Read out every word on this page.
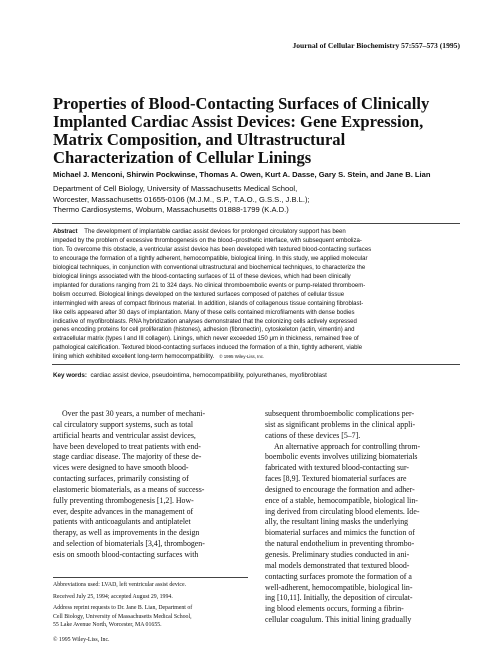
Journal of Cellular Biochemistry 57:557–573 (1995)
Properties of Blood-Contacting Surfaces of Clinically
Implanted Cardiac Assist Devices: Gene Expression,
Matrix Composition, and Ultrastructural
Characterization of Cellular Linings
Michael J. Menconi, Shirwin Pockwinse, Thomas A. Owen, Kurt A. Dasse, Gary S. Stein, and Jane B. Lian
Department of Cell Biology, University of Massachusetts Medical School,
Worcester, Massachusetts 01655-0106 (M.J.M., S.P., T.A.O., G.S.S., J.B.L.);
Thermo Cardiosystems, Woburn, Massachusetts 01888-1799 (K.A.D.)
Abstract The development of implantable cardiac assist devices for prolonged circulatory support has been
impeded by the problem of excessive thrombogenesis on the blood–prosthetic interface, with subsequent emboliza-
tion. To overcome this obstacle, a ventricular assist device has been developed with textured blood-contacting surfaces
to encourage the formation of a tightly adherent, hemocompatible, biological lining. In this study, we applied molecular
biological techniques, in conjunction with conventional ultrastructural and biochemical techniques, to characterize the
biological linings associated with the blood-contacting surfaces of 11 of these devices, which had been clinically
implanted for durations ranging from 21 to 324 days. No clinical thromboembolic events or pump-related thromboem-
bolism occurred. Biological linings developed on the textured surfaces composed of patches of cellular tissue
intermingled with areas of compact fibrinous material. In addition, islands of collagenous tissue containing fibroblast-
like cells appeared after 30 days of implantation. Many of these cells contained microfilaments with dense bodies
indicative of myofibroblasts. RNA hybridization analyses demonstrated that the colonizing cells actively expressed
genes encoding proteins for cell proliferation (histones), adhesion (fibronectin), cytoskeleton (actin, vimentin) and
extracellular matrix (types I and III collagen). Linings, which never exceeded 150 μm in thickness, remained free of
pathological calcification. Textured blood-contacting surfaces induced the formation of a thin, tightly adherent, viable
lining which exhibited excellent long-term hemocompatibility. © 1995 Wiley-Liss, Inc.
Key words: cardiac assist device, pseudointima, hemocompatibility, polyurethanes, myofibroblast
Over the past 30 years, a number of mechani-
cal circulatory support systems, such as total
artificial hearts and ventricular assist devices,
have been developed to treat patients with end-
stage cardiac disease. The majority of these de-
vices were designed to have smooth blood-
contacting surfaces, primarily consisting of
elastomeric biomaterials, as a means of success-
fully preventing thrombogenesis [1,2]. How-
ever, despite advances in the management of
patients with anticoagulants and antiplatelet
therapy, as well as improvements in the design
and selection of biomaterials [3,4], thrombogen-
esis on smooth blood-contacting surfaces with
subsequent thromboembolic complications per-
sist as significant problems in the clinical appli-
cations of these devices [5–7].
An alternative approach for controlling throm-
boembolic events involves utilizing biomaterials
fabricated with textured blood-contacting sur-
faces [8,9]. Textured biomaterial surfaces are
designed to encourage the formation and adher-
ence of a stable, hemocompatible, biological lin-
ing derived from circulating blood elements. Ide-
ally, the resultant lining masks the underlying
biomaterial surfaces and mimics the function of
the natural endothelium in preventing thrombo-
genesis. Preliminary studies conducted in ani-
mal models demonstrated that textured blood-
contacting surfaces promote the formation of a
well-adherent, hemocompatible, biological lin-
ing [10,11]. Initially, the deposition of circulat-
ing blood elements occurs, forming a fibrin-
cellular coagulum. This initial lining gradually
Abbreviations used: LVAD, left ventricular assist device.
Received July 25, 1994; accepted August 29, 1994.
Address reprint requests to Dr. Jane B. Lian, Department of
Cell Biology, University of Massachusetts Medical School,
55 Lake Avenue North, Worcester, MA 01655.
© 1995 Wiley-Liss, Inc.
